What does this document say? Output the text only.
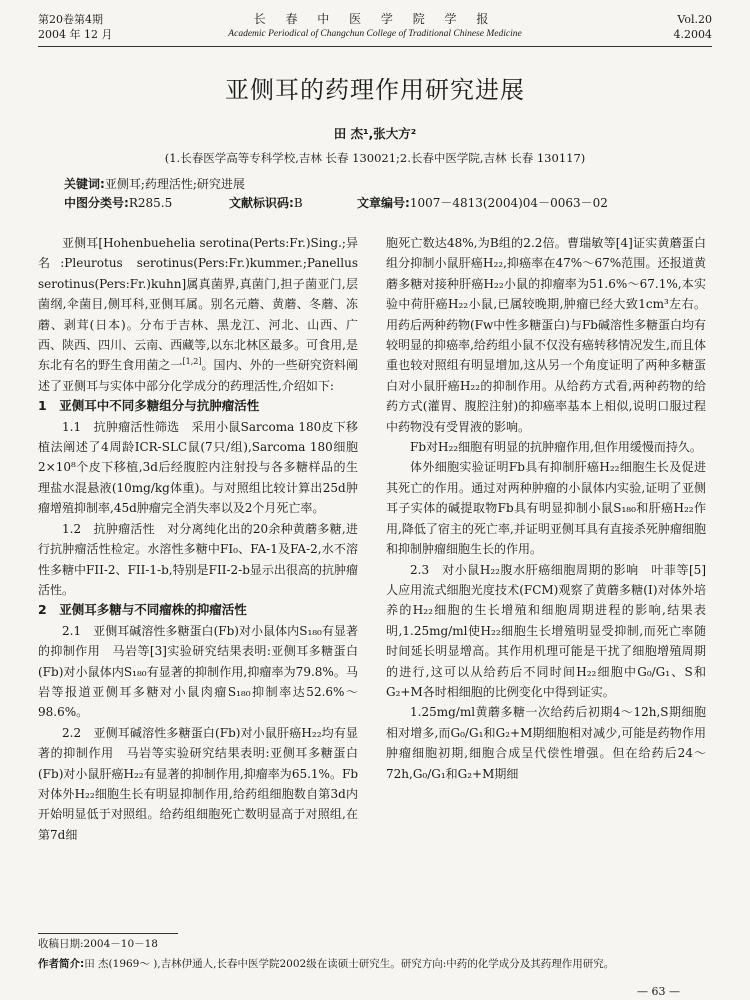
第20卷第4期
2004 年 12 月
长 春 中 医 学 院 学 报
Academic Periodical of Changchun College of Traditional Chinese Medicine
Vol.20
4.2004
亚侧耳的药理作用研究进展
田 杰¹,张大方²
(1.长春医学高等专科学校,吉林 长春 130021;2.长春中医学院,吉林 长春 130117)
关键词:亚侧耳;药理活性;研究进展
中图分类号:R285.5	文献标识码:B	文章编号:1007－4813(2004)04－0063－02

亚侧耳[Hohenbuehelia serotina(Perts:Fr.)Sing.;异名:Pleurotus serotinus(Pers:Fr.)kummer.;Panellus serotinus(Pers:Fr.)kuhn]属真菌界,真菌门,担子菌亚门,层菌纲,伞菌目,侧耳科,亚侧耳属。别名元蘑、黄蘑、冬蘑、冻蘑、剥茸(日本)。分布于吉林、黑龙江、河北、山西、广西、陕西、四川、云南、西藏等,以东北林区最多。可食用,是东北有名的野生食用菌之一[1,2]。国内、外的一些研究资料阐述了亚侧耳与实体中部分化学成分的药理活性,介绍如下:

1　亚侧耳中不同多糖组分与抗肿瘤活性

1.1　抗肿瘤活性筛选　 采用小鼠Sarcoma 180皮下移植法阐述了4周龄ICR-SLC鼠(7只/组),Sarcoma 180细胞2×10⁸个皮下移植,3d后经腹腔内注射投与各多糖样品的生理盐水混悬液(10mg/kg体重)。与对照组比较计算出25d肿瘤增殖抑制率,45d肿瘤完全消失率以及2个月死亡率。

1.2　抗肿瘤活性　 对分离纯化出的20余种黄蘑多糖,进行抗肿瘤活性检定。水溶性多糖中FI₀、FA-1及FA-2,水不溶性多糖中FII-2、FII-1-b,特别是FII-2-b显示出很高的抗肿瘤活性。

2　亚侧耳多糖与不同瘤株的抑瘤活性

2.1　亚侧耳碱溶性多糖蛋白(Fb)对小鼠体内S₁₈₀有显著的抑制作用　 马岩等[3]实验研究结果表明:亚侧耳多糖蛋白(Fb)对小鼠体内S₁₈₀有显著的抑制作用,抑瘤率为79.8%。马岩等报道亚侧耳多糖对小鼠肉瘤S₁₈₀抑制率达52.6%～98.6%。

2.2　亚侧耳碱溶性多糖蛋白(Fb)对小鼠肝癌H₂₂均有显著的抑制作用　 马岩等实验研究结果表明:亚侧耳多糖蛋白(Fb)对小鼠肝癌H₂₂有显著的抑制作用,抑瘤率为65.1%。Fb对体外H₂₂细胞生长有明显抑制作用,给药组细胞数自第3d内开始明显低于对照组。给药组细胞死亡数明显高于对照组,在第7d细

胞死亡数达48%,为B组的2.2倍。曹瑞敏等[4]证实黄蘑蛋白组分抑制小鼠肝癌H₂₂,抑癌率在47%～67%范围。还报道黄蘑多糖对接种肝癌H₂₂小鼠的抑瘤率为51.6%～67.1%,本实验中荷肝癌H₂₂小鼠,已属较晚期,肿瘤已经大致1cm³左右。用药后两种药物(Fw中性多糖蛋白)与Fb碱溶性多糖蛋白均有较明显的抑癌率,给药组小鼠不仅没有癌转移情况发生,而且体重也较对照组有明显增加,这从另一个角度证明了两种多糖蛋白对小鼠肝癌H₂₂的抑制作用。从给药方式看,两种药物的给药方式(灌胃、腹腔注射)的抑癌率基本上相似,说明口服过程中药物没有受胃液的影响。

Fb对H₂₂细胞有明显的抗肿瘤作用,但作用缓慢而持久。

体外细胞实验证明Fb具有抑制肝癌H₂₂细胞生长及促进其死亡的作用。通过对两种肿瘤的小鼠体内实验,证明了亚侧耳子实体的碱提取物Fb具有明显抑制小鼠S₁₈₀和肝癌H₂₂作用,降低了宿主的死亡率,并证明亚侧耳具有直接杀死肿瘤细胞和抑制肿瘤细胞生长的作用。

2.3　对小鼠H₂₂腹水肝癌细胞周期的影响　 叶菲等[5]人应用流式细胞光度技术(FCM)观察了黄蘑多糖(Ⅰ)对体外培养的H₂₂细胞的生长增殖和细胞周期进程的影响,结果表明,1.25mg/ml使H₂₂细胞生长增殖明显受抑制,而死亡率随时间延长明显增高。其作用机理可能是干扰了细胞增殖周期的进行,这可以从给药后不同时间H₂₂细胞中G₀/G₁、S和G₂+M各时相细胞的比例变化中得到证实。

1.25mg/ml黄蘑多糖一次给药后初期4～12h,S期细胞相对增多,而G₀/G₁和G₂+M期细胞相对减少,可能是药物作用肿瘤细胞初期,细胞合成呈代偿性增强。但在给药后24～72h,G₀/G₁和G₂+M期细

收稿日期:2004－10－18
作者简介:田 杰(1969～ ),吉林伊通人,长春中医学院2002级在读硕士研究生。研究方向:中药的化学成分及其药理作用研究。
— 63 —
